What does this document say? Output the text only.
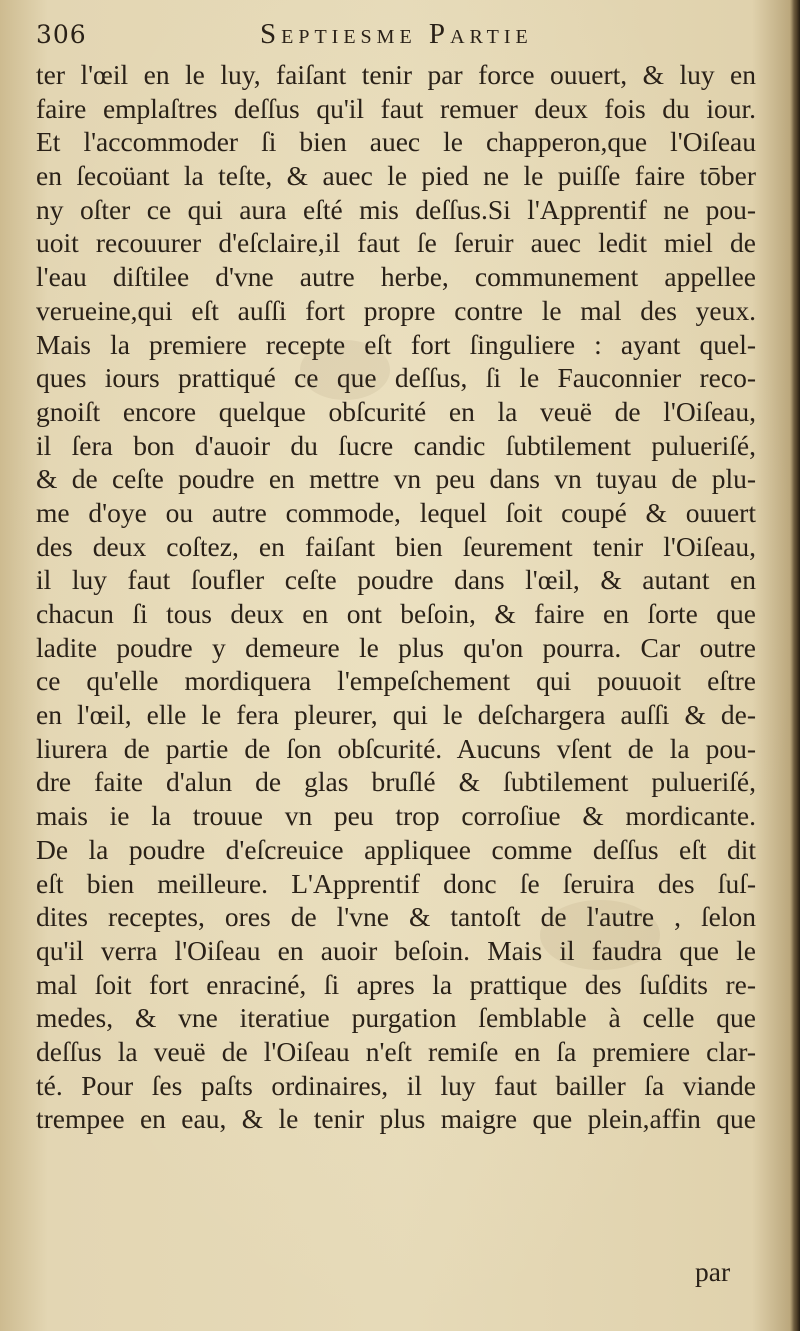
306	Septiesme Partie
ter l'œil en le luy, faiſant tenir par force ouuert, & luy en
faire emplaſtres deſſus qu'il faut remuer deux fois du iour.
Et l'accommoder ſi bien auec le chapperon,que l'Oiſeau
en ſecoüant la teſte, & auec le pied ne le puiſſe faire tōber
ny oſter ce qui aura eſté mis deſſus.Si l'Apprentif ne pou-
uoit recouurer d'eſclaire,il faut ſe ſeruir auec ledit miel de
l'eau diſtilee d'vne autre herbe, communement appellee
verueine,qui eſt auſſi fort propre contre le mal des yeux.
Mais la premiere recepte eſt fort ſinguliere : ayant quel-
ques iours prattiqué ce que deſſus, ſi le Fauconnier reco-
gnoiſt encore quelque obſcurité en la veuë de l'Oiſeau,
il ſera bon d'auoir du ſucre candic ſubtilement pulueriſé,
& de ceſte poudre en mettre vn peu dans vn tuyau de plu-
me d'oye ou autre commode, lequel ſoit coupé & ouuert
des deux coſtez, en faiſant bien ſeurement tenir l'Oiſeau,
il luy faut ſoufler ceſte poudre dans l'œil, & autant en
chacun ſi tous deux en ont beſoin, & faire en ſorte que
ladite poudre y demeure le plus qu'on pourra. Car outre
ce qu'elle mordiquera l'empeſchement qui pouuoit eſtre
en l'œil, elle le fera pleurer, qui le deſchargera auſſi & de-
liurera de partie de ſon obſcurité. Aucuns vſent de la pou-
dre faite d'alun de glas bruſlé & ſubtilement pulueriſé,
mais ie la trouue vn peu trop corroſiue & mordicante.
De la poudre d'eſcreuice appliquee comme deſſus eſt dit
eſt bien meilleure. L'Apprentif donc ſe ſeruira des ſuſ-
dites receptes, ores de l'vne & tantoſt de l'autre , ſelon
qu'il verra l'Oiſeau en auoir beſoin. Mais il faudra que le
mal ſoit fort enraciné, ſi apres la prattique des ſuſdits re-
medes, & vne iteratiue purgation ſemblable à celle que
deſſus la veuë de l'Oiſeau n'eſt remiſe en ſa premiere clar-
té. Pour ſes paſts ordinaires, il luy faut bailler ſa viande
trempee en eau, & le tenir plus maigre que plein,affin que
par
